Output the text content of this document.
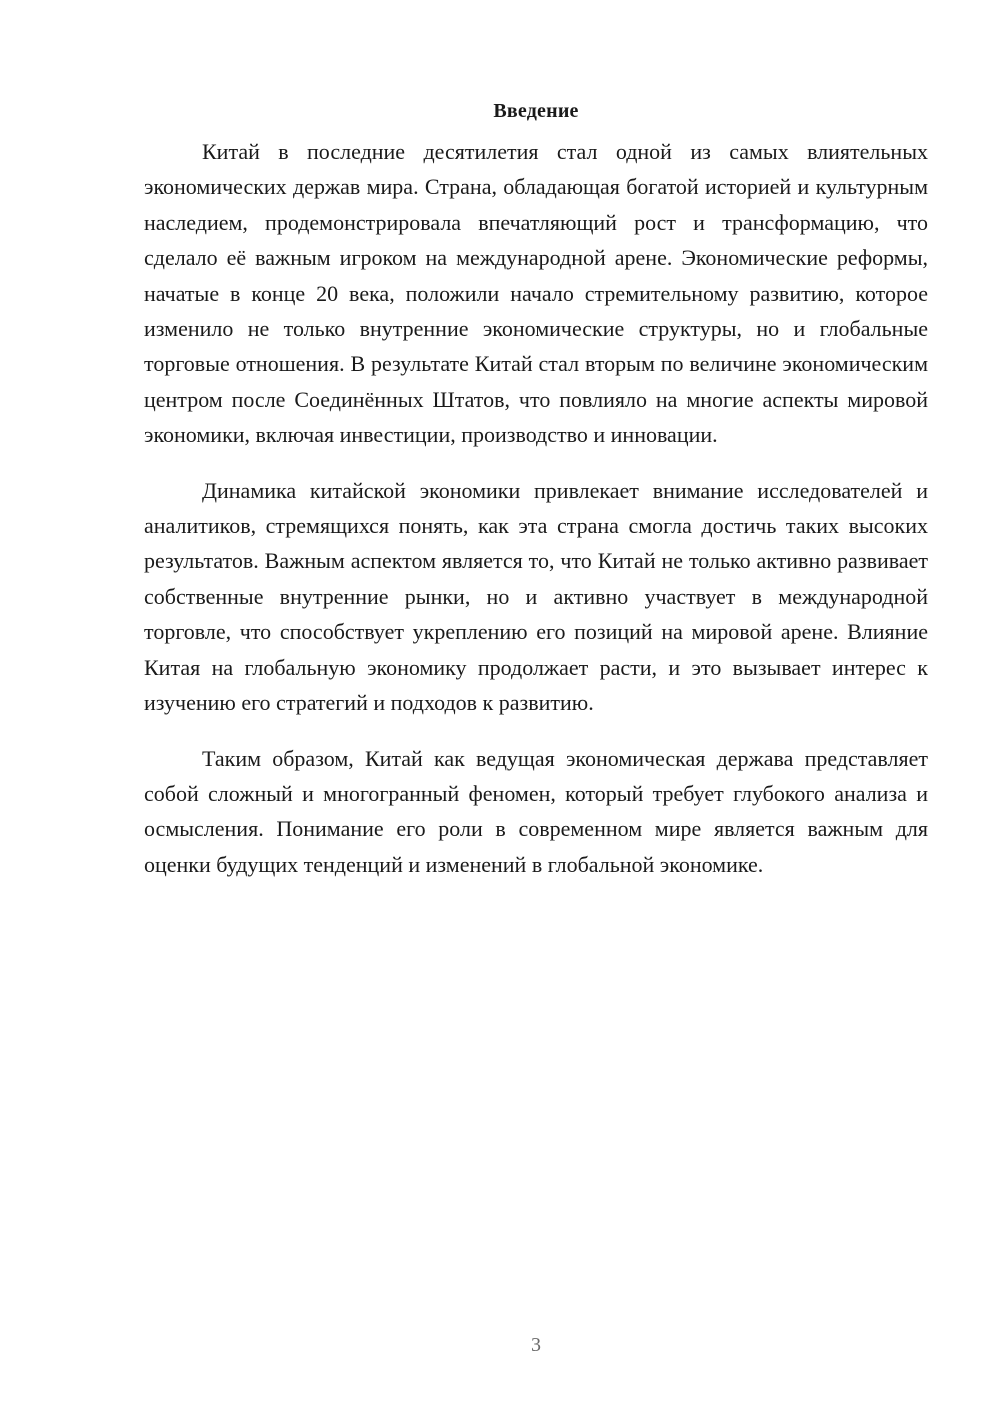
Введение

Китай в последние десятилетия стал одной из самых влиятельных экономических держав мира. Страна, обладающая богатой историей и культурным наследием, продемонстрировала впечатляющий рост и трансформацию, что сделало её важным игроком на международной арене. Экономические реформы, начатые в конце 20 века, положили начало стремительному развитию, которое изменило не только внутренние экономические структуры, но и глобальные торговые отношения. В результате Китай стал вторым по величине экономическим центром после Соединённых Штатов, что повлияло на многие аспекты мировой экономики, включая инвестиции, производство и инновации.

Динамика китайской экономики привлекает внимание исследователей и аналитиков, стремящихся понять, как эта страна смогла достичь таких высоких результатов. Важным аспектом является то, что Китай не только активно развивает собственные внутренние рынки, но и активно участвует в международной торговле, что способствует укреплению его позиций на мировой арене. Влияние Китая на глобальную экономику продолжает расти, и это вызывает интерес к изучению его стратегий и подходов к развитию.

Таким образом, Китай как ведущая экономическая держава представляет собой сложный и многогранный феномен, который требует глубокого анализа и осмысления. Понимание его роли в современном мире является важным для оценки будущих тенденций и изменений в глобальной экономике.

3
